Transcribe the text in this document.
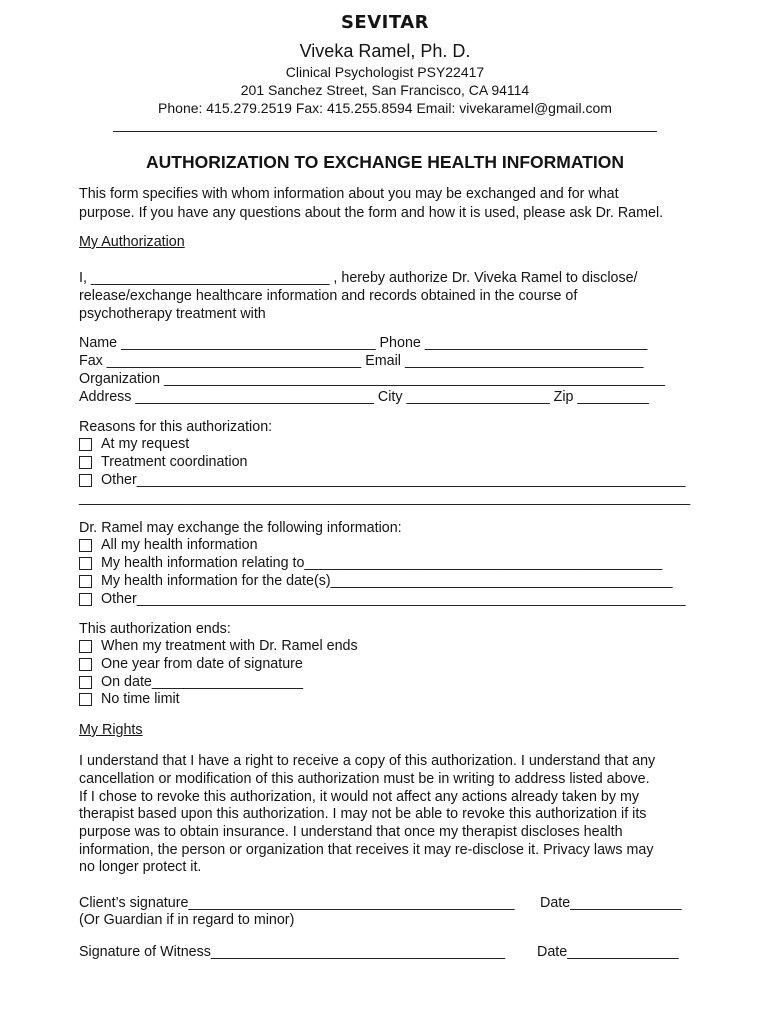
SEVITAR
Viveka Ramel, Ph. D.
Clinical Psychologist PSY22417
201 Sanchez Street, San Francisco, CA 94114
Phone: 415.279.2519 Fax: 415.255.8594 Email: vivekaramel@gmail.com
AUTHORIZATION TO EXCHANGE HEALTH INFORMATION
This form specifies with whom information about you may be exchanged and for what
purpose. If you have any questions about the form and how it is used, please ask Dr. Ramel.
My Authorization
I, ______________________________ , hereby authorize Dr. Viveka Ramel to disclose/
release/exchange healthcare information and records obtained in the course of
psychotherapy treatment with
Name ________________________________ Phone ____________________________
Fax ________________________________ Email ______________________________
Organization _______________________________________________________________
Address ______________________________ City __________________ Zip _________
Reasons for this authorization:
At my request
Treatment coordination
Other_____________________________________________________________________
_________________________________________________________________________________
Dr. Ramel may exchange the following information:
All my health information
My health information relating to_____________________________________________
My health information for the date(s)___________________________________________
Other_____________________________________________________________________
This authorization ends:
When my treatment with Dr. Ramel ends
One year from date of signature
On date___________________
No time limit
My Rights
I understand that I have a right to receive a copy of this authorization. I understand that any
cancellation or modification of this authorization must be in writing to address listed above.
If I chose to revoke this authorization, it would not affect any actions already taken by my
therapist based upon this authorization. I may not be able to revoke this authorization if its
purpose was to obtain insurance. I understand that once my therapist discloses health
information, the person or organization that receives it may re-disclose it. Privacy laws may
no longer protect it.
Client’s signature_________________________________________ Date______________
(Or Guardian if in regard to minor)
Signature of Witness_____________________________________ Date______________
